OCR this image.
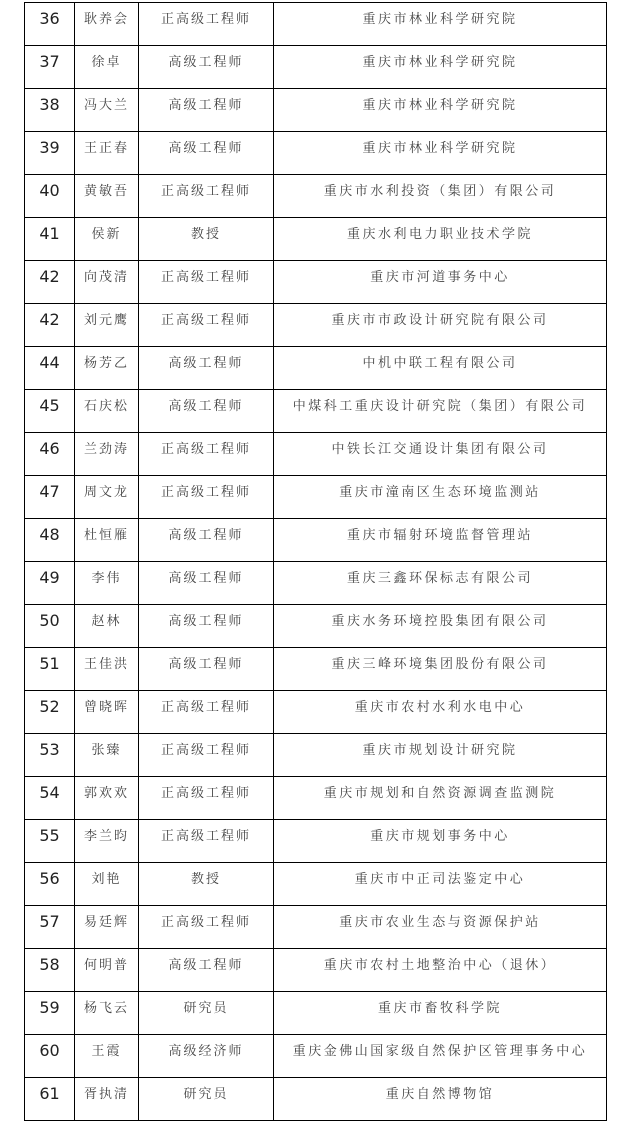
36	耿养会	正高级工程师	重庆市林业科学研究院

37	徐卓	高级工程师	重庆市林业科学研究院

38	冯大兰	高级工程师	重庆市林业科学研究院

39	王正春	高级工程师	重庆市林业科学研究院

40	黄敏吾	正高级工程师	重庆市水利投资（集团）有限公司

41	侯新	教授	重庆水利电力职业技术学院

42	向茂清	正高级工程师	重庆市河道事务中心

42	刘元鹰	正高级工程师	重庆市市政设计研究院有限公司

44	杨芳乙	高级工程师	中机中联工程有限公司

45	石庆松	高级工程师	中煤科工重庆设计研究院（集团）有限公司

46	兰劲涛	正高级工程师	中铁长江交通设计集团有限公司

47	周文龙	正高级工程师	重庆市潼南区生态环境监测站

48	杜恒雁	高级工程师	重庆市辐射环境监督管理站

49	李伟	高级工程师	重庆三鑫环保标志有限公司

50	赵林	高级工程师	重庆水务环境控股集团有限公司

51	王佳洪	高级工程师	重庆三峰环境集团股份有限公司

52	曾晓晖	正高级工程师	重庆市农村水利水电中心

53	张臻	正高级工程师	重庆市规划设计研究院

54	郭欢欢	正高级工程师	重庆市规划和自然资源调查监测院

55	李兰昀	正高级工程师	重庆市规划事务中心

56	刘艳	教授	重庆市中正司法鉴定中心

57	易廷辉	正高级工程师	重庆市农业生态与资源保护站

58	何明普	高级工程师	重庆市农村土地整治中心（退休）

59	杨飞云	研究员	重庆市畜牧科学院

60	王霞	高级经济师	重庆金佛山国家级自然保护区管理事务中心

61	胥执清	研究员	重庆自然博物馆
